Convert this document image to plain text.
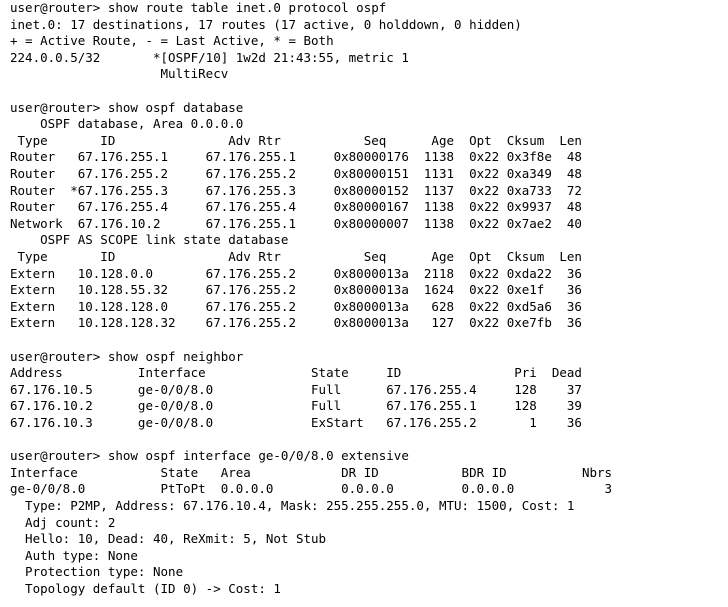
user@router> show route table inet.0 protocol ospf
inet.0: 17 destinations, 17 routes (17 active, 0 holddown, 0 hidden)
+ = Active Route, - = Last Active, * = Both
224.0.0.5/32       *[OSPF/10] 1w2d 21:43:55, metric 1
MultiRecv
user@router> show ospf database
OSPF database, Area 0.0.0.0
Type       ID               Adv Rtr           Seq      Age  Opt  Cksum  Len
Router   67.176.255.1     67.176.255.1     0x80000176  1138  0x22 0x3f8e  48
Router   67.176.255.2     67.176.255.2     0x80000151  1131  0x22 0xa349  48
Router  *67.176.255.3     67.176.255.3     0x80000152  1137  0x22 0xa733  72
Router   67.176.255.4     67.176.255.4     0x80000167  1138  0x22 0x9937  48
Network  67.176.10.2      67.176.255.1     0x80000007  1138  0x22 0x7ae2  40
OSPF AS SCOPE link state database
Type       ID               Adv Rtr           Seq      Age  Opt  Cksum  Len
Extern   10.128.0.0       67.176.255.2     0x8000013a  2118  0x22 0xda22  36
Extern   10.128.55.32     67.176.255.2     0x8000013a  1624  0x22 0xe1f   36
Extern   10.128.128.0     67.176.255.2     0x8000013a   628  0x22 0xd5a6  36
Extern   10.128.128.32    67.176.255.2     0x8000013a   127  0x22 0xe7fb  36
user@router> show ospf neighbor
Address          Interface              State     ID               Pri  Dead
67.176.10.5      ge-0/0/8.0             Full      67.176.255.4     128    37
67.176.10.2      ge-0/0/8.0             Full      67.176.255.1     128    39
67.176.10.3      ge-0/0/8.0             ExStart   67.176.255.2       1    36
user@router> show ospf interface ge-0/0/8.0 extensive
Interface           State   Area            DR ID           BDR ID          Nbrs
ge-0/0/8.0          PtToPt  0.0.0.0         0.0.0.0         0.0.0.0            3
Type: P2MP, Address: 67.176.10.4, Mask: 255.255.255.0, MTU: 1500, Cost: 1
Adj count: 2
Hello: 10, Dead: 40, ReXmit: 5, Not Stub
Auth type: None
Protection type: None
Topology default (ID 0) -> Cost: 1
